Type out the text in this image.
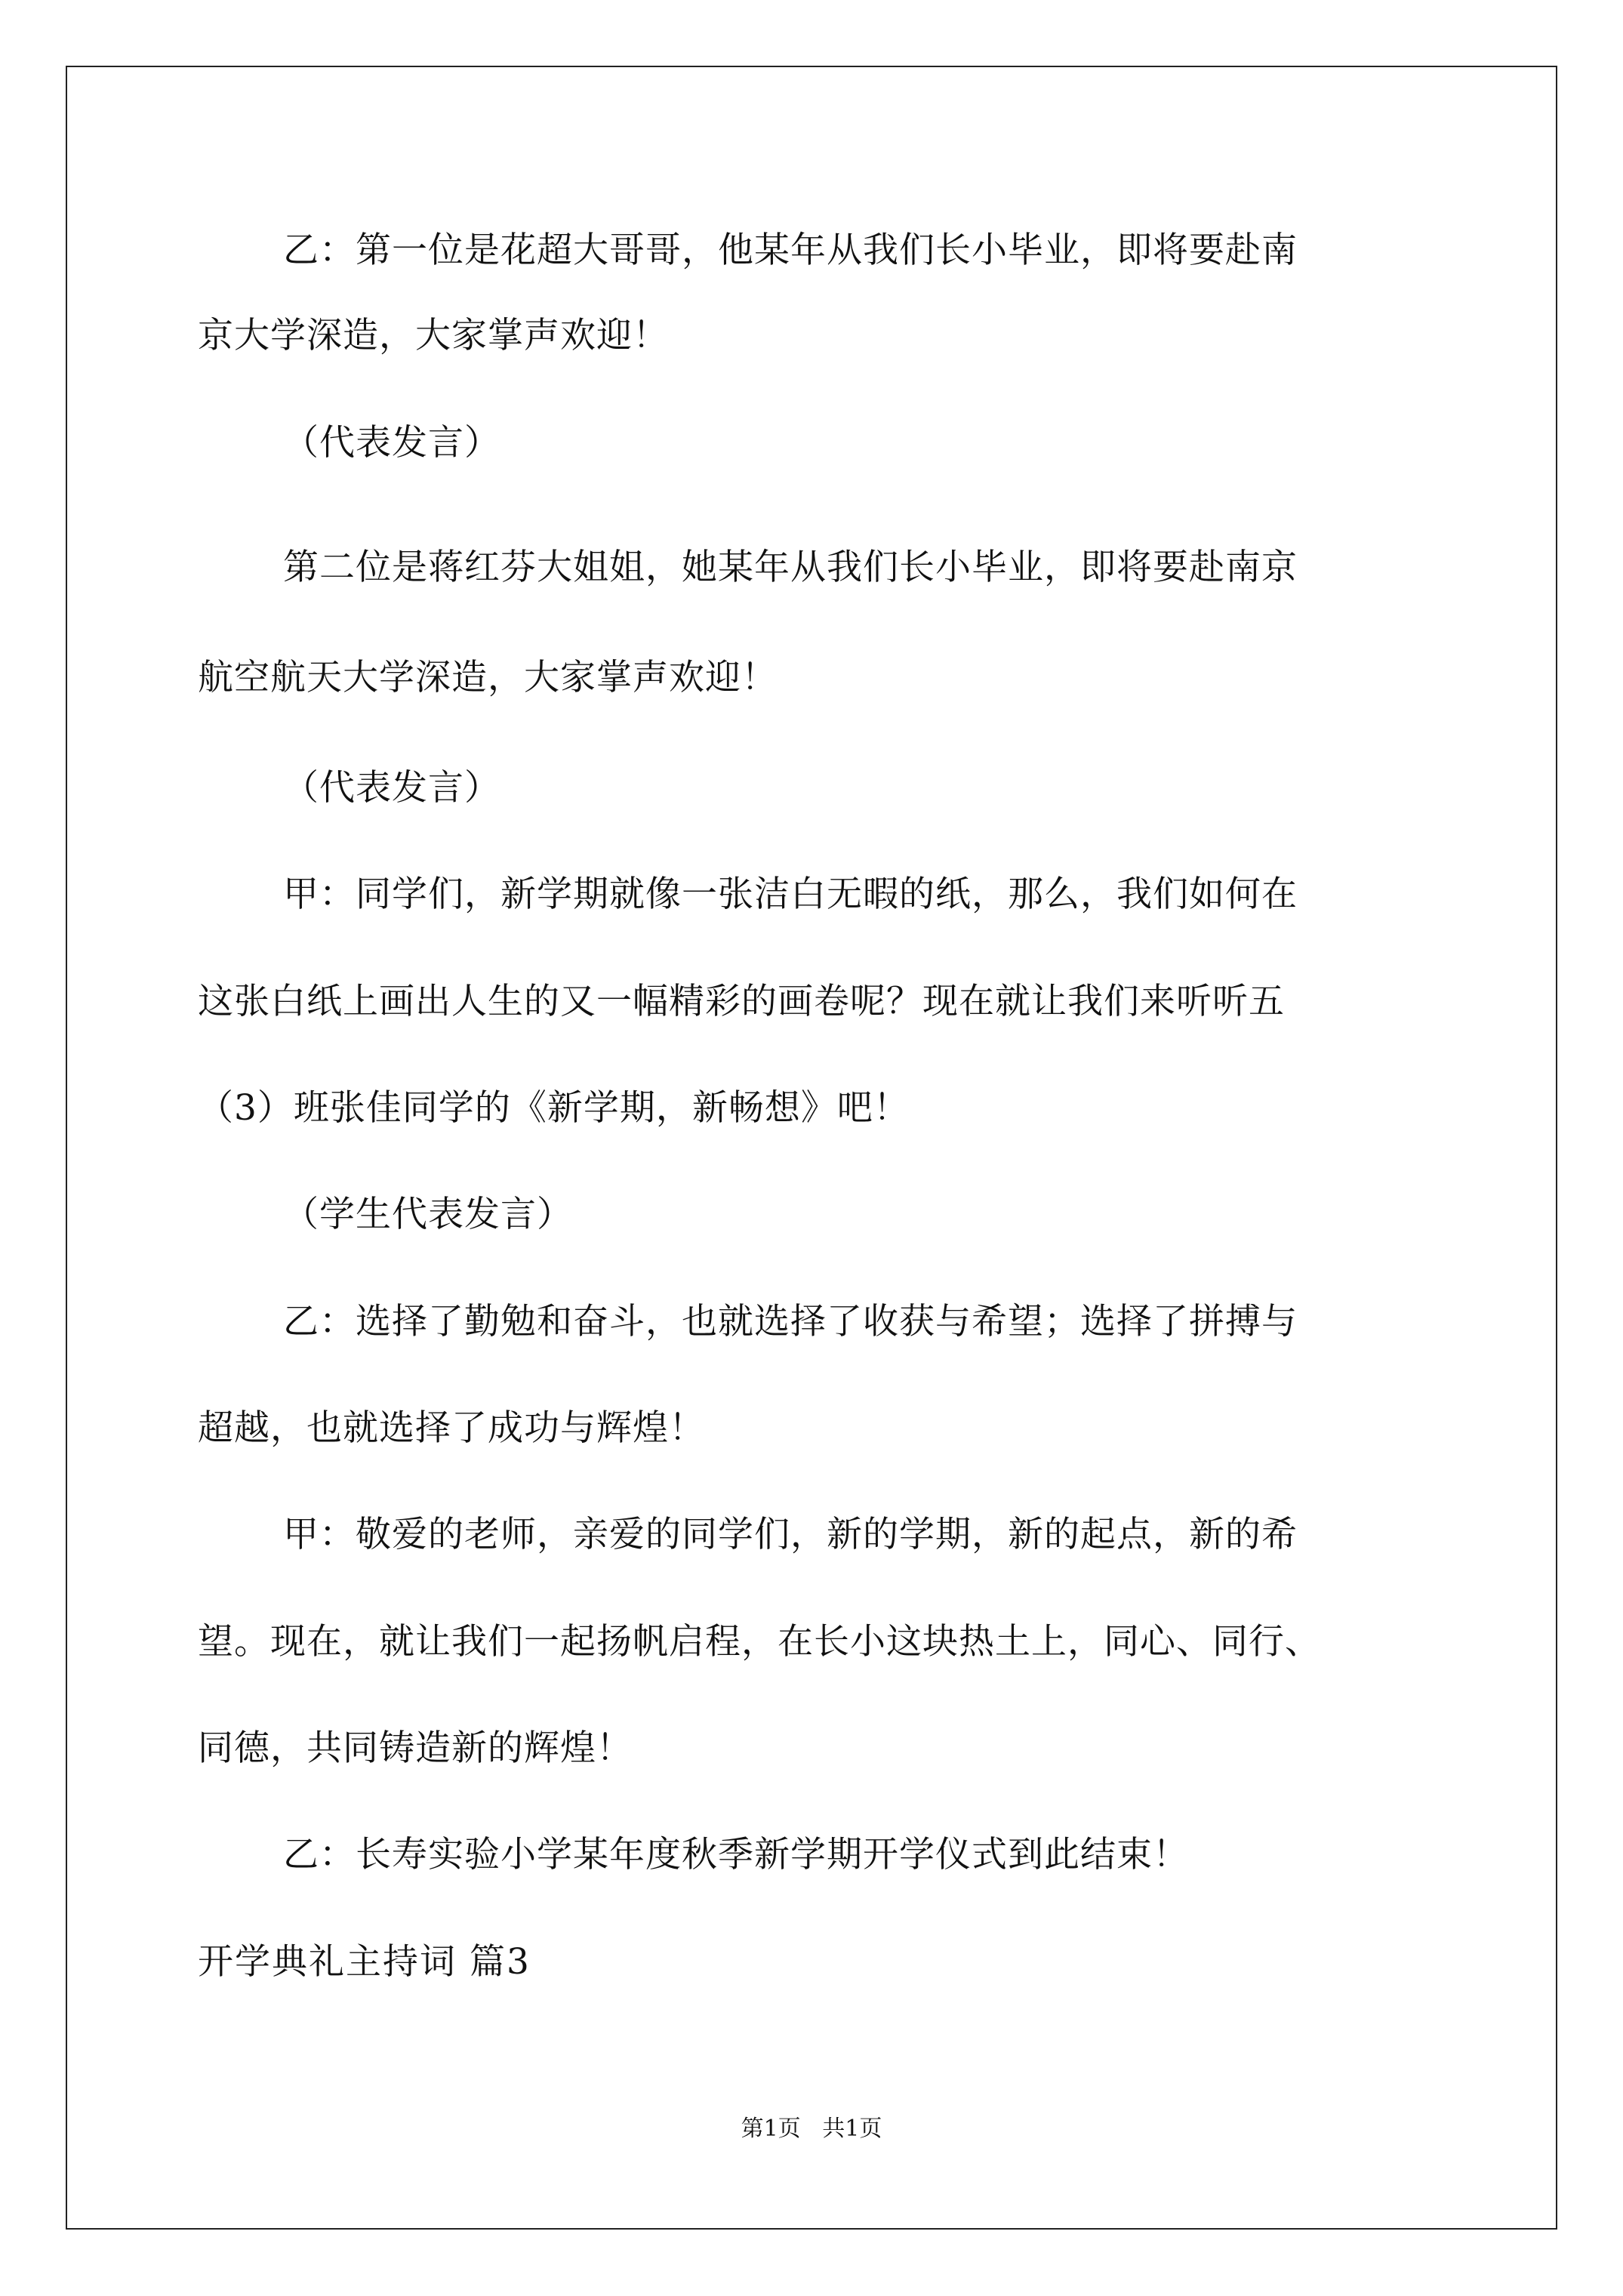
乙：第一位是花超大哥哥，他某年从我们长小毕业，即将要赴南
京大学深造，大家掌声欢迎！
（代表发言）
第二位是蒋红芬大姐姐，她某年从我们长小毕业，即将要赴南京
航空航天大学深造，大家掌声欢迎！
（代表发言）
甲：同学们，新学期就像一张洁白无暇的纸，那么，我们如何在
这张白纸上画出人生的又一幅精彩的画卷呢？现在就让我们来听听五
（3）班张佳同学的《新学期，新畅想》吧！
（学生代表发言）
乙：选择了勤勉和奋斗，也就选择了收获与希望；选择了拼搏与
超越，也就选择了成功与辉煌！
甲：敬爱的老师，亲爱的同学们，新的学期，新的起点，新的希
望。现在，就让我们一起扬帆启程，在长小这块热土上，同心、同行、
同德，共同铸造新的辉煌！
乙：长寿实验小学某年度秋季新学期开学仪式到此结束！
开学典礼主持词 篇3
第1页   共1页
